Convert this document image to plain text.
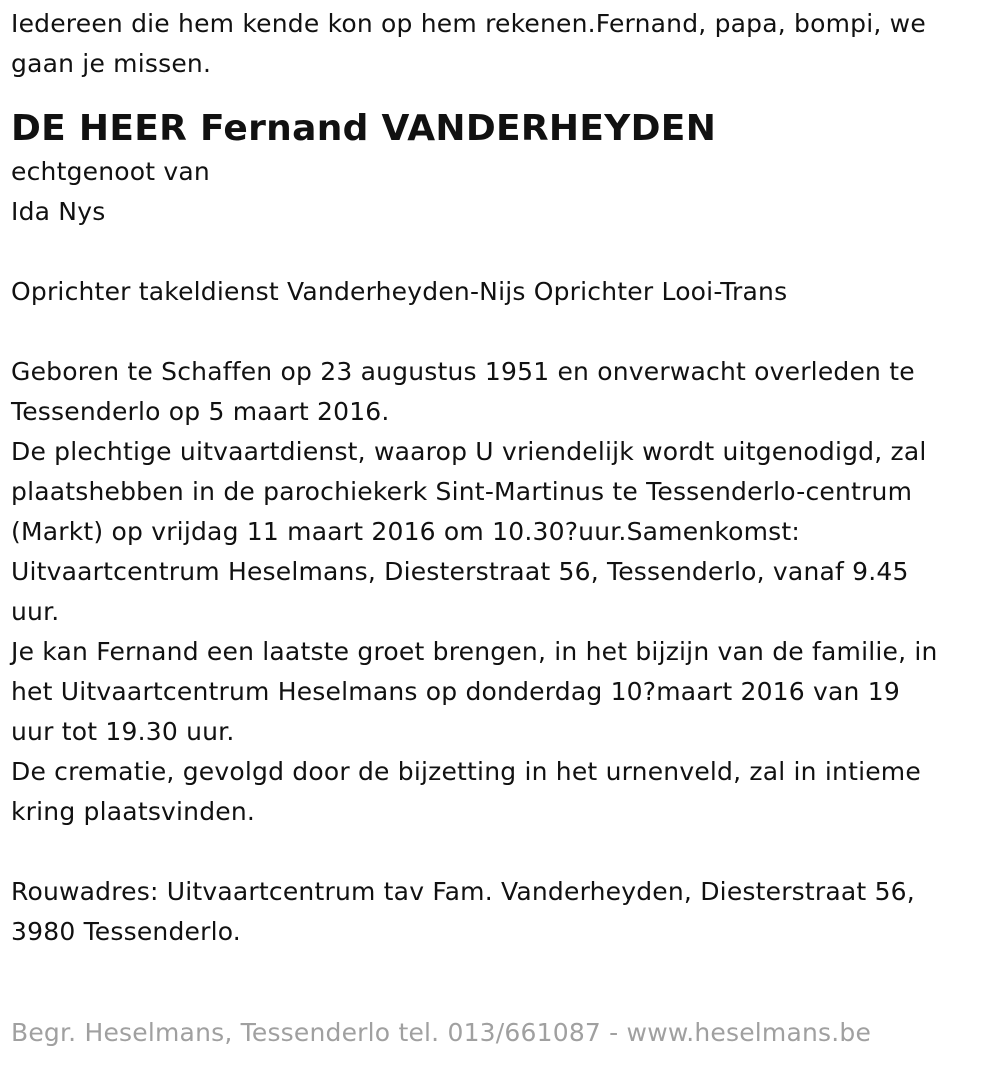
Iedereen die hem kende kon op hem rekenen.Fernand, papa, bompi, we
gaan je missen.
DE HEER Fernand VANDERHEYDEN
echtgenoot van
Ida Nys
Oprichter takeldienst Vanderheyden-Nijs Oprichter Looi-Trans
Geboren te Schaffen op 23 augustus 1951 en onverwacht overleden te
Tessenderlo op 5 maart 2016.
De plechtige uitvaartdienst, waarop U vriendelijk wordt uitgenodigd, zal
plaatshebben in de parochiekerk Sint-Martinus te Tessenderlo-centrum
(Markt) op vrijdag 11 maart 2016 om 10.30?uur.Samenkomst:
Uitvaartcentrum Heselmans, Diesterstraat 56, Tessenderlo, vanaf 9.45
uur.
Je kan Fernand een laatste groet brengen, in het bijzijn van de familie, in
het Uitvaartcentrum Heselmans op donderdag 10?maart 2016 van 19
uur tot 19.30 uur.
De crematie, gevolgd door de bijzetting in het urnenveld, zal in intieme
kring plaatsvinden.
Rouwadres: Uitvaartcentrum tav Fam. Vanderheyden, Diesterstraat 56,
3980 Tessenderlo.
Begr. Heselmans, Tessenderlo tel. 013/661087 - www.heselmans.be
